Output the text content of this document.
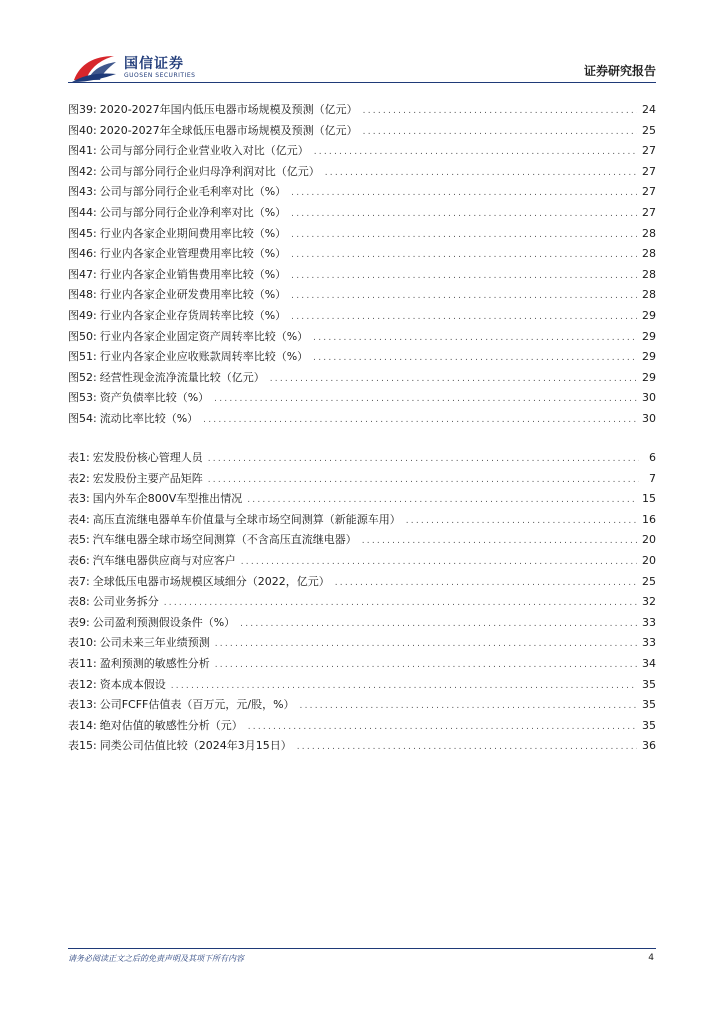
国信证券
GUOSEN SECURITIES	证券研究报告
图39: 2020-2027年国内低压电器市场规模及预测（亿元） .....	24
图40: 2020-2027年全球低压电器市场规模及预测（亿元） .....	25
图41: 公司与部分同行企业营业收入对比（亿元） .....	27
图42: 公司与部分同行企业归母净利润对比（亿元） .....	27
图43: 公司与部分同行企业毛利率对比（%） .....	27
图44: 公司与部分同行企业净利率对比（%） .....	27
图45: 行业内各家企业期间费用率比较（%） .....	28
图46: 行业内各家企业管理费用率比较（%） .....	28
图47: 行业内各家企业销售费用率比较（%） .....	28
图48: 行业内各家企业研发费用率比较（%） .....	28
图49: 行业内各家企业存货周转率比较（%） .....	29
图50: 行业内各家企业固定资产周转率比较（%） .....	29
图51: 行业内各家企业应收账款周转率比较（%） .....	29
图52: 经营性现金流净流量比较（亿元） .....	29
图53: 资产负债率比较（%） .....	30
图54: 流动比率比较（%） .....	30
表1: 宏发股份核心管理人员 .....	6
表2: 宏发股份主要产品矩阵 .....	7
表3: 国内外车企800V车型推出情况 .....	15
表4: 高压直流继电器单车价值量与全球市场空间测算（新能源车用） .....	16
表5: 汽车继电器全球市场空间测算（不含高压直流继电器） .....	20
表6: 汽车继电器供应商与对应客户 .....	20
表7: 全球低压电器市场规模区域细分（2022，亿元） .....	25
表8: 公司业务拆分 .....	32
表9: 公司盈利预测假设条件（%） .....	33
表10: 公司未来三年业绩预测 .....	33
表11: 盈利预测的敏感性分析 .....	34
表12: 资本成本假设 .....	35
表13: 公司FCFF估值表（百万元，元/股，%） .....	35
表14: 绝对估值的敏感性分析（元） .....	35
表15: 同类公司估值比较（2024年3月15日） .....	36
请务必阅读正文之后的免责声明及其项下所有内容	4
